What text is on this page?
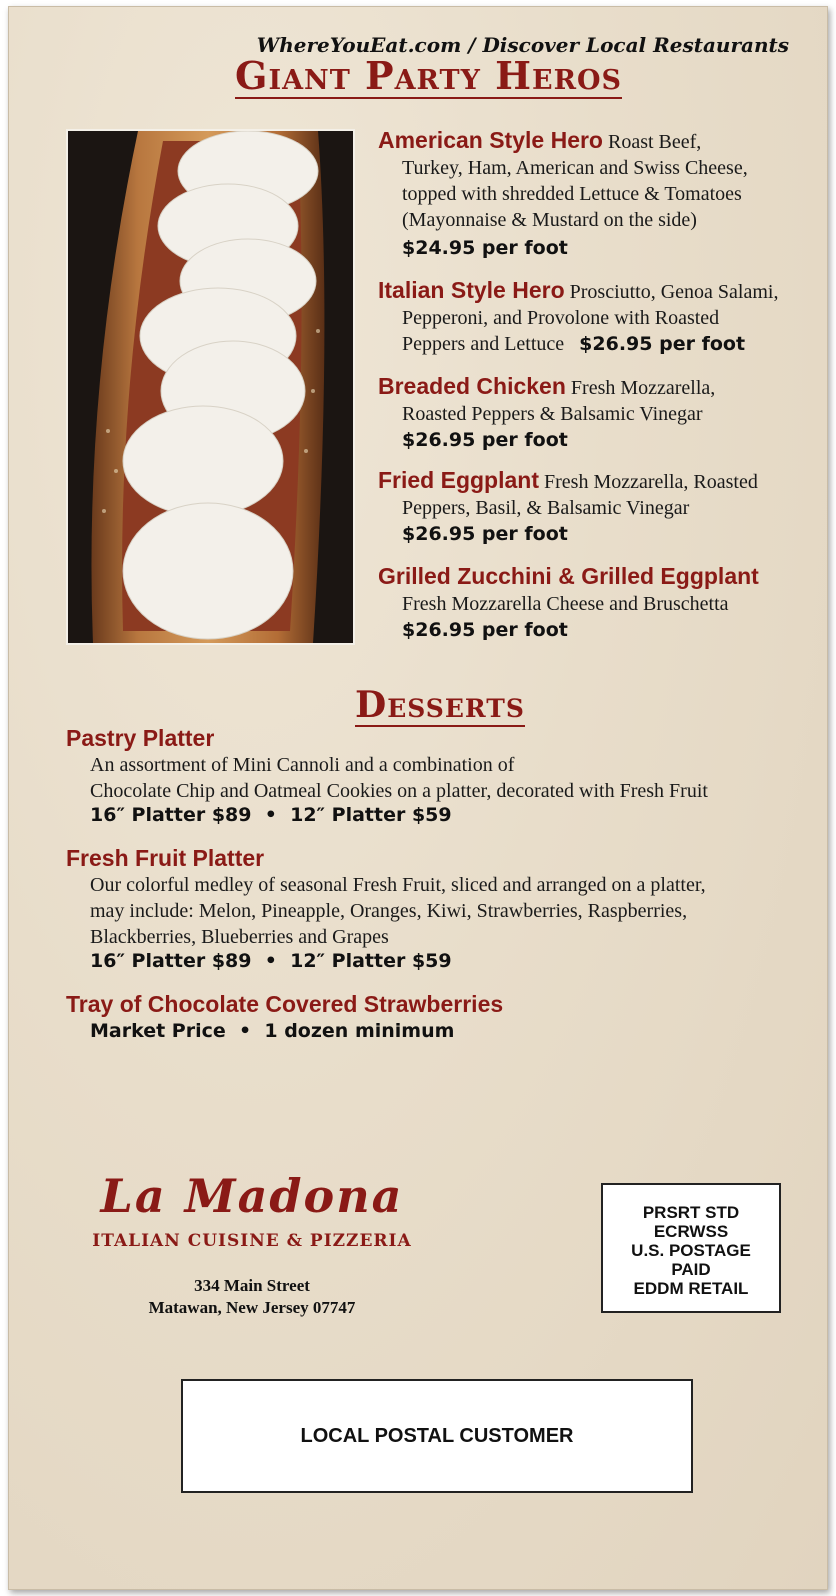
WhereYouEat.com / Discover Local Restaurants
Giant Party Heros
American Style Hero Roast Beef,
Turkey, Ham, American and Swiss Cheese,
topped with shredded Lettuce & Tomatoes
(Mayonnaise & Mustard on the side)
$24.95 per foot
Italian Style Hero Prosciutto, Genoa Salami,
Pepperoni, and Provolone with Roasted
Peppers and Lettuce $26.95 per foot
Breaded Chicken Fresh Mozzarella,
Roasted Peppers & Balsamic Vinegar
$26.95 per foot
Fried Eggplant Fresh Mozzarella, Roasted
Peppers, Basil, & Balsamic Vinegar
$26.95 per foot
Grilled Zucchini & Grilled Eggplant
Fresh Mozzarella Cheese and Bruschetta
$26.95 per foot
Desserts
Pastry Platter
An assortment of Mini Cannoli and a combination of
Chocolate Chip and Oatmeal Cookies on a platter, decorated with Fresh Fruit
16″ Platter $89  •  12″ Platter $59
Fresh Fruit Platter
Our colorful medley of seasonal Fresh Fruit, sliced and arranged on a platter,
may include: Melon, Pineapple, Oranges, Kiwi, Strawberries, Raspberries,
Blackberries, Blueberries and Grapes
16″ Platter $89  •  12″ Platter $59
Tray of Chocolate Covered Strawberries
Market Price  •  1 dozen minimum
La Madona
ITALIAN CUISINE & PIZZERIA
334 Main Street
Matawan, New Jersey 07747
PRSRT STD
ECRWSS
U.S. POSTAGE
PAID
EDDM RETAIL
LOCAL POSTAL CUSTOMER
